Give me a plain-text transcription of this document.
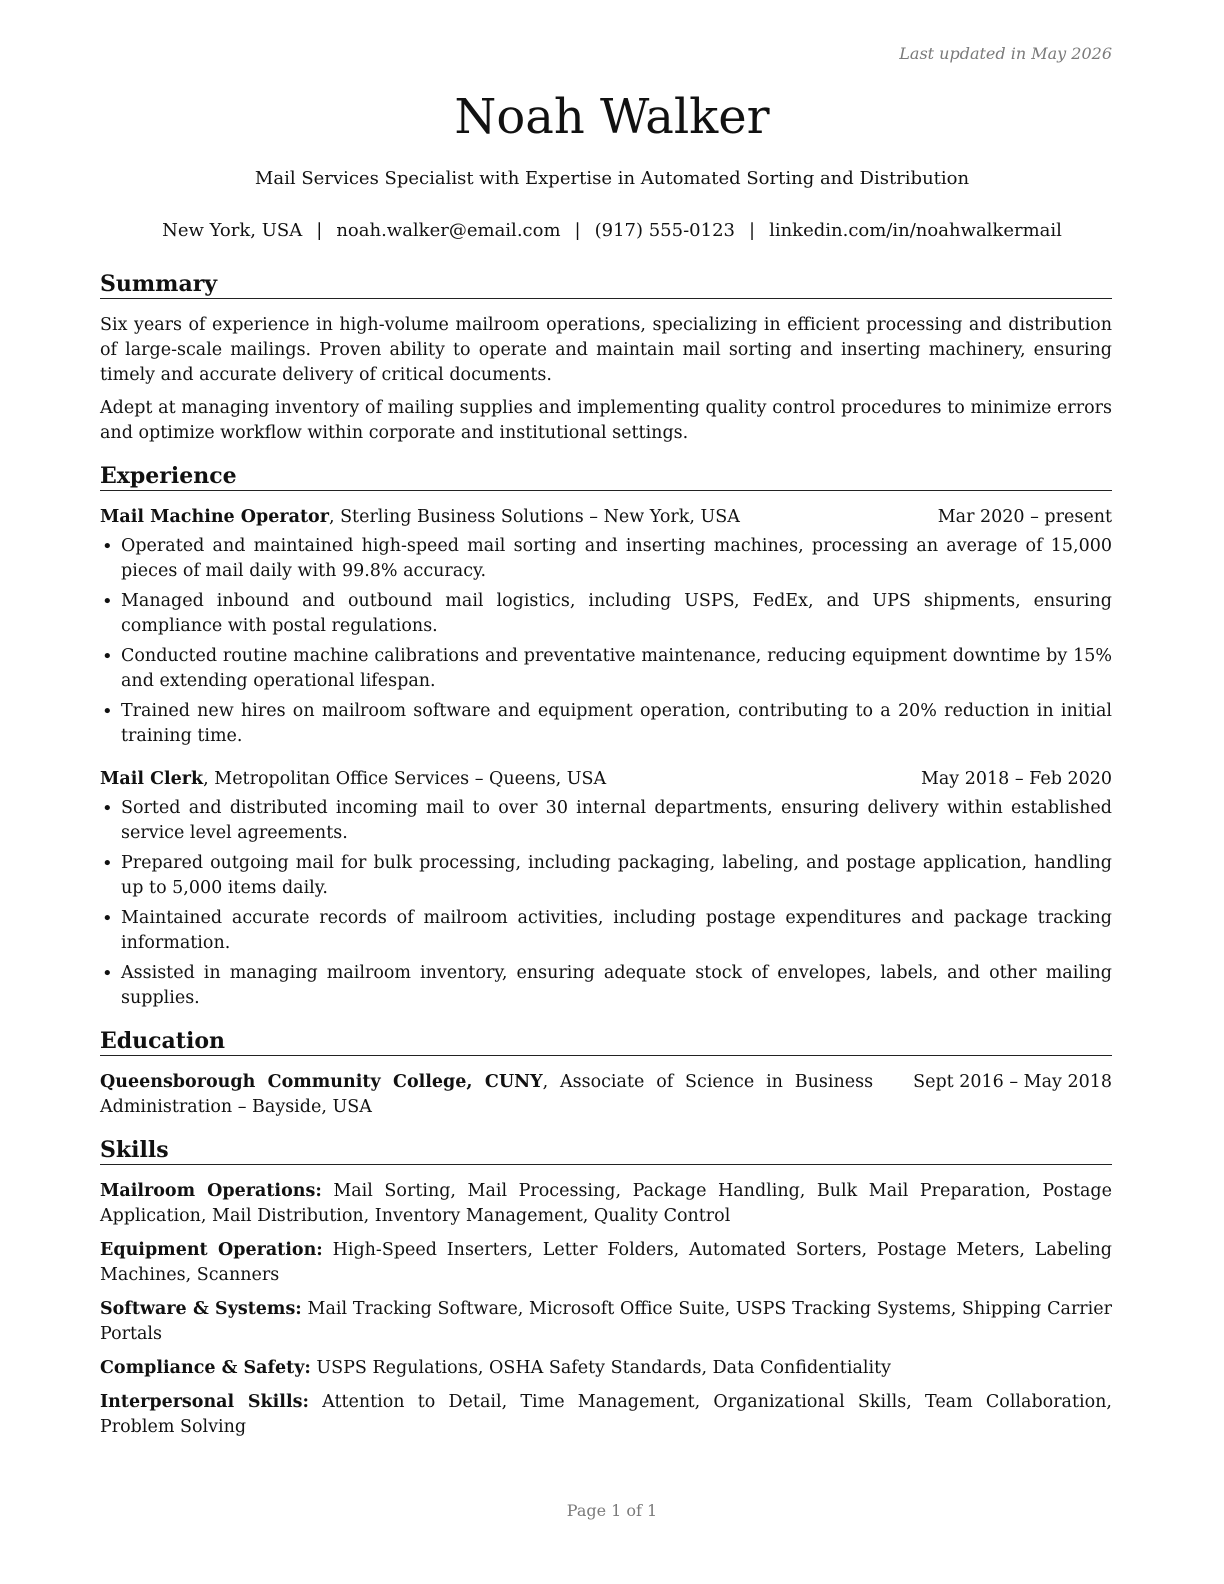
Last updated in May 2026
Noah Walker
Mail Services Specialist with Expertise in Automated Sorting and Distribution
New York, USA | noah.walker@email.com | (917) 555-0123 | linkedin.com/in/noahwalkermail
Summary

Six years of experience in high-volume mailroom operations, specializing in efficient processing and distribution of large-scale mailings. Proven ability to operate and maintain mail sorting and inserting machinery, ensuring timely and accurate delivery of critical documents.

Adept at managing inventory of mailing supplies and implementing quality control procedures to minimize errors and optimize workflow within corporate and institutional settings.

Experience
Mail Machine Operator, Sterling Business Solutions – New York, USA	Mar 2020 – present
• Operated and maintained high-speed mail sorting and inserting machines, processing an average of 15,000 pieces of mail daily with 99.8% accuracy.
• Managed inbound and outbound mail logistics, including USPS, FedEx, and UPS shipments, ensuring compliance with postal regulations.
• Conducted routine machine calibrations and preventative maintenance, reducing equipment downtime by 15% and extending operational lifespan.
• Trained new hires on mailroom software and equipment operation, contributing to a 20% reduction in initial training time.
Mail Clerk, Metropolitan Office Services – Queens, USA	May 2018 – Feb 2020
• Sorted and distributed incoming mail to over 30 internal departments, ensuring delivery within established service level agreements.
• Prepared outgoing mail for bulk processing, including packaging, labeling, and postage application, handling up to 5,000 items daily.
• Maintained accurate records of mailroom activities, including postage expenditures and package tracking information.
• Assisted in managing mailroom inventory, ensuring adequate stock of envelopes, labels, and other mailing supplies.
Education
Queensborough Community College, CUNY, Associate of Science in Business Administration – Bayside, USA
Sept 2016 – May 2018
Skills
Mailroom Operations: Mail Sorting, Mail Processing, Package Handling, Bulk Mail Preparation, Postage Application, Mail Distribution, Inventory Management, Quality Control
Equipment Operation: High-Speed Inserters, Letter Folders, Automated Sorters, Postage Meters, Labeling Machines, Scanners
Software & Systems: Mail Tracking Software, Microsoft Office Suite, USPS Tracking Systems, Shipping Carrier Portals
Compliance & Safety: USPS Regulations, OSHA Safety Standards, Data Confidentiality
Interpersonal Skills: Attention to Detail, Time Management, Organizational Skills, Team Collaboration, Problem Solving
Page 1 of 1
